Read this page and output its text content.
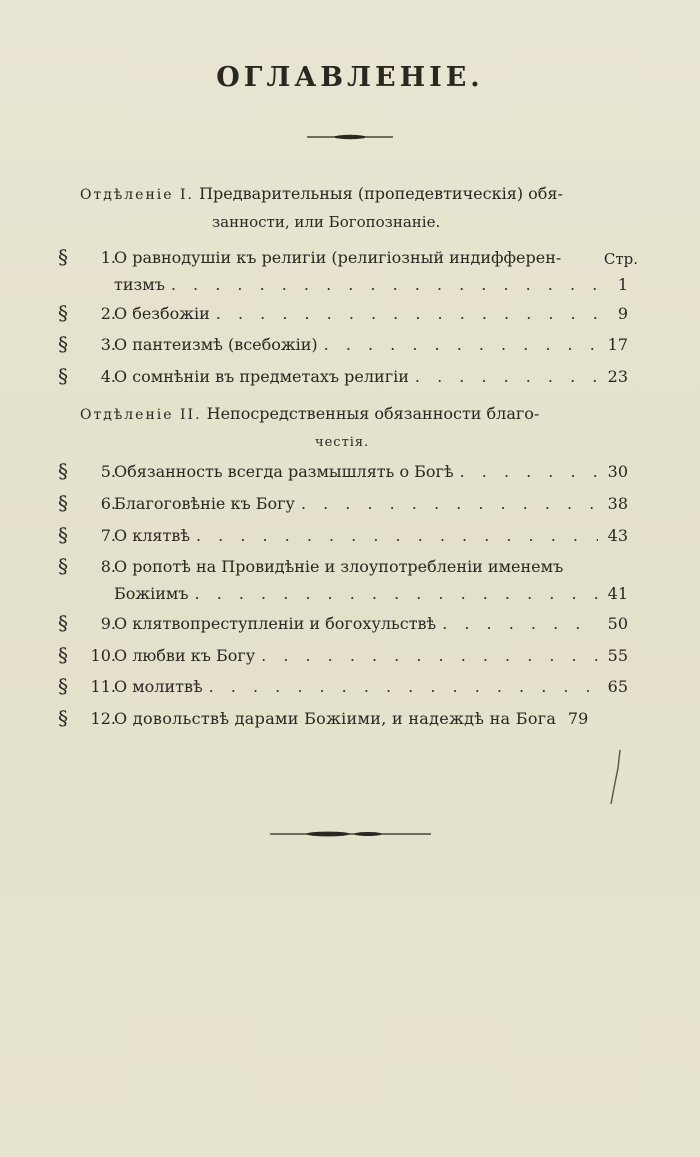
ОГЛАВЛЕНІЕ.
Отдѣленіе I. Предварительныя (пропедевтическія) обя-
занности, или Богопознаніе.
Стр.
§	1.
О равнодушіи къ религіи (религіозный индифферен-
тизмъ . . .	1
§	2.
О безбожіи . . .	9
§	3.
О пантеизмѣ (всебожіи) . . .	17
§	4.
О сомнѣніи въ предметахъ религіи . . .	23
Отдѣленіе II. Непосредственныя обязанности благо-
честія.
§	5.
Обязанность всегда размышлять о Богѣ . . .	30
§	6.
Благоговѣніе къ Богу . . .	38
§	7.
О клятвѣ . . .	43
§	8.
О ропотѣ на Провидѣніе и злоупотребленіи именемъ
Божіимъ . . .	41
§	9.
О клятвопреступленіи и богохульствѣ . . .	50
§	10.
О любви къ Богу . . .	55
§	11.
О молитвѣ . . .	65
§	12.
О довольствѣ дарами Божіими, и надеждѣ на Бога 79
